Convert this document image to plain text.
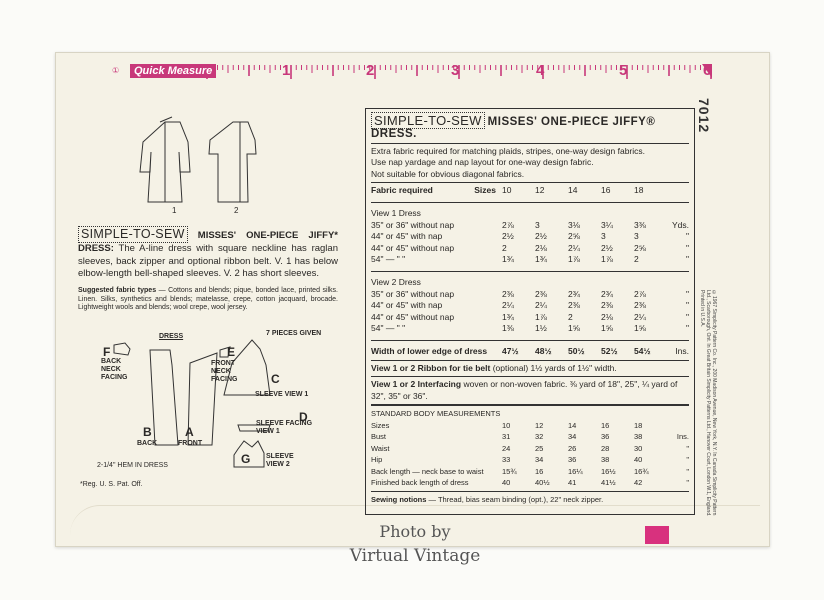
①	Quick Measure	1	2	3	4	5	6
7012
1	2
SIMPLE-TO-SEW MISSES' ONE-PIECE JIFFY* DRESS: The A-line dress with square neckline has raglan sleeves, back zipper and optional ribbon belt. V. 1 has below elbow-length bell-shaped sleeves. V. 2 has short sleeves.
Suggested fabric types — Cottons and blends; pique, bonded lace, printed silks. Linen. Silks, synthetics and blends; matelasse, crepe, cotton jacquard, brocade. Lightweight wools and blends; wool crepe, wool jersey.
DRESS	7 PIECES GIVEN
F
BACK NECK FACING
E
FRONT NECK FACING
B
BACK
A
FRONT
C
SLEEVE VIEW 1
D
SLEEVE FACING VIEW 1
G SLEEVE VIEW 2
2-1/4" HEM IN DRESS
*Reg. U. S. Pat. Off.
SIMPLE-TO-SEW MISSES' ONE-PIECE JIFFY® DRESS.
Extra fabric required for matching plaids, stripes, one-way design fabrics.
Use nap yardage and nap layout for one-way design fabric.
Not suitable for obvious diagonal fabrics.
Fabric required Sizes	10	12	14	16	18	

View 1 Dress						
35" or 36" without nap	2⅞	3	3⅛	3¼	3⅜	Yds.
44" or 45" with nap	2½	2½	2⅝	3	3	"
44" or 45" without nap	2	2⅛	2¼	2½	2⅝	"
54" — " "	1¾	1¾	1⅞	1⅞	2	"

View 2 Dress						
35" or 36" without nap	2⅜	2⅜	2¾	2¾	2⅞	"
44" or 45" with nap	2¼	2¼	2⅜	2⅜	2⅜	"
44" or 45" without nap	1¾	1⅞	2	2⅛	2¼	"
54" — " "	1⅜	1½	1⅝	1⅝	1⅝	"

Width of lower edge of dress	47½	48½	50½	52½	54½	Ins.
View 1 or 2 Ribbon for tie belt (optional) 1½ yards of 1½" width.
View 1 or 2 Interfacing woven or non-woven fabric. ⅜ yard of 18", 25", ¼ yard of 32", 35" or 36".
STANDARD BODY MEASUREMENTS
Sizes	10	12	14	16	18	
Bust	31	32	34	36	38	Ins.
Waist	24	25	26	28	30	"
Hip	33	34	36	38	40	"
Back length — neck base to waist	15¾	16	16¼	16½	16¾	"
Finished back length of dress	40	40½	41	41½	42	"
Sewing notions — Thread, bias seam binding (opt.), 22" neck zipper.	©1967 Simplicity Pattern Co. Inc., 200 Madison Avenue, New York, N.Y. In Canada Simplicity Pattern Ltd., Scarborough, Ont. In Great Britain Simplicity Patterns Ltd., Hanover Court, London W.1, England. Printed in U.S.A.
Photo by
Virtual Vintage
